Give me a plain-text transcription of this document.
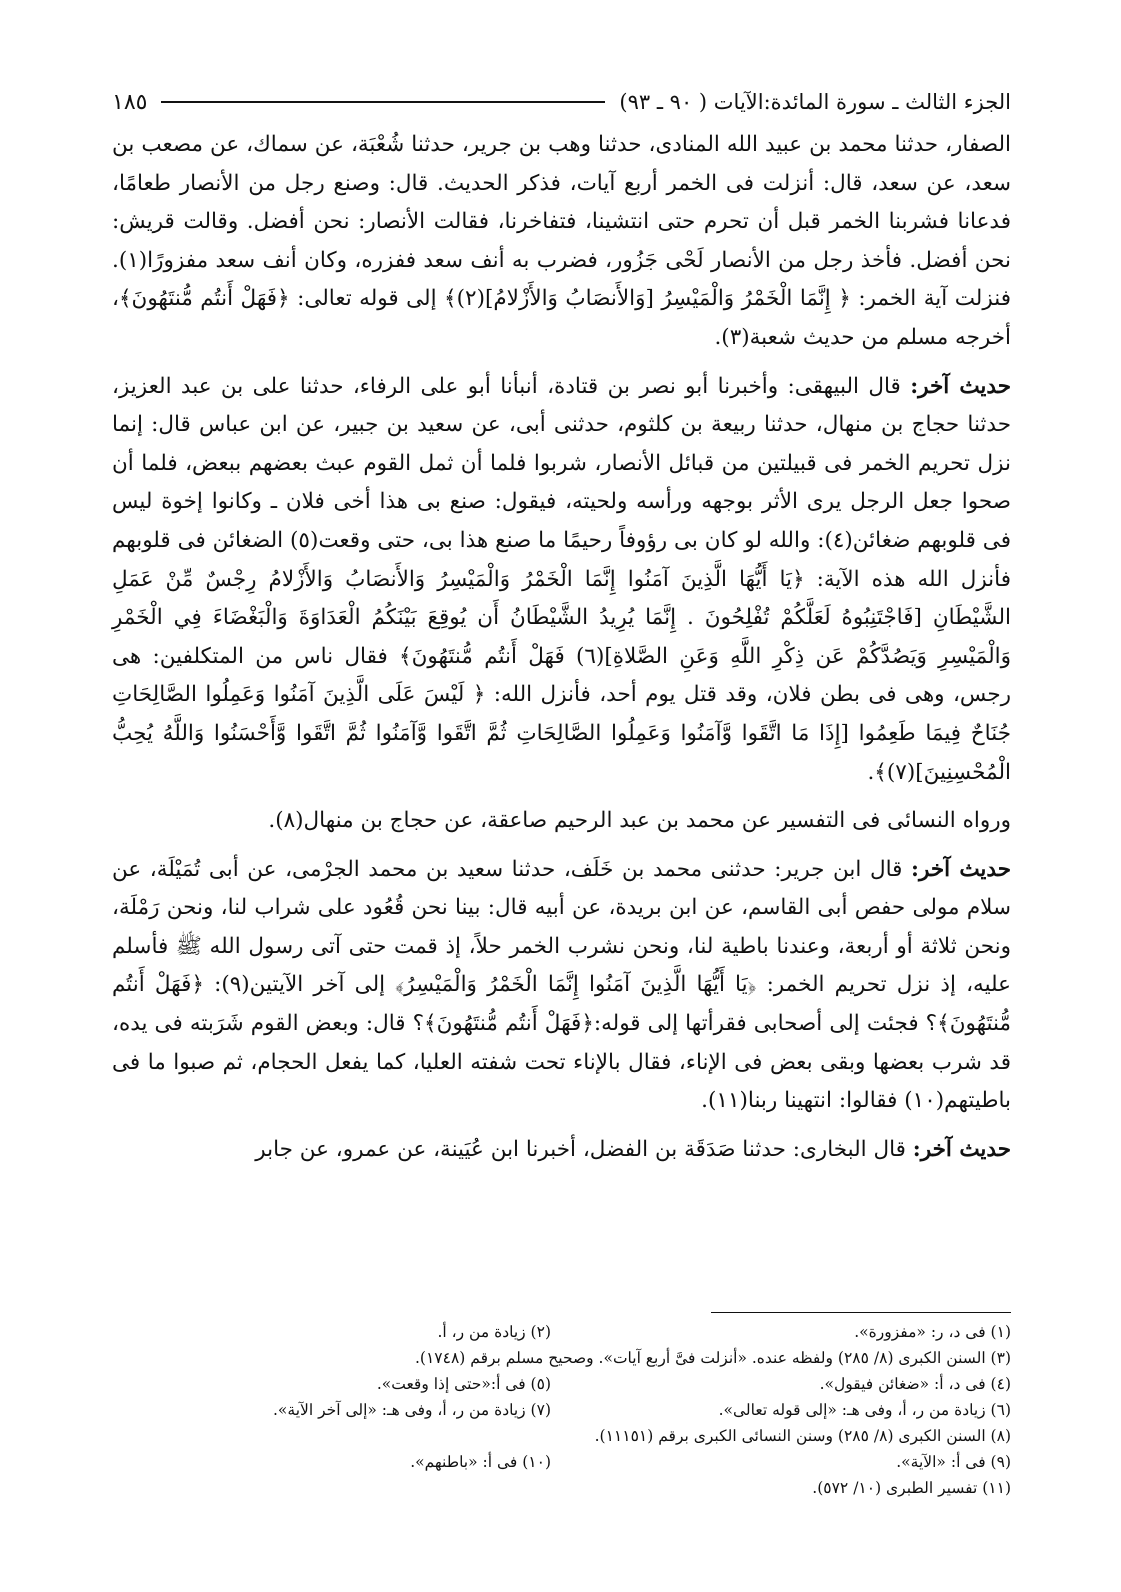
الجزء الثالث ـ سورة المائدة:الآيات ( ٩٠ ـ ٩٣)
١٨٥

الصفار، حدثنا محمد بن عبيد الله المنادى، حدثنا وهب بن جرير، حدثنا شُعْبَة، عن سماك، عن مصعب بن سعد، عن سعد، قال: أنزلت فى الخمر أربع آيات، فذكر الحديث. قال: وصنع رجل من الأنصار طعامًا، فدعانا فشربنا الخمر قبل أن تحرم حتى انتشينا، فتفاخرنا، فقالت الأنصار: نحن أفضل. وقالت قريش: نحن أفضل. فأخذ رجل من الأنصار لَحْى جَزُور، فضرب به أنف سعد ففزره، وكان أنف سعد مفزورًا(١). فنزلت آية الخمر: ﴿ إِنَّمَا الْخَمْرُ وَالْمَيْسِرُ [وَالأَنصَابُ وَالأَزْلامُ](٢)﴾ إلى قوله تعالى: ﴿فَهَلْ أَنتُم مُّنتَهُونَ﴾، أخرجه مسلم من حديث شعبة(٣).

حديث آخر: قال البيهقى: وأخبرنا أبو نصر بن قتادة، أنبأنا أبو على الرفاء، حدثنا على بن عبد العزيز، حدثنا حجاج بن منهال، حدثنا ربيعة بن كلثوم، حدثنى أبى، عن سعيد بن جبير، عن ابن عباس قال: إنما نزل تحريم الخمر فى قبيلتين من قبائل الأنصار، شربوا فلما أن ثمل القوم عبث بعضهم ببعض، فلما أن صحوا جعل الرجل يرى الأثر بوجهه ورأسه ولحيته، فيقول: صنع بى هذا أخى فلان ـ وكانوا إخوة ليس فى قلوبهم ضغائن(٤): والله لو كان بى رؤوفاً رحيمًا ما صنع هذا بى، حتى وقعت(٥) الضغائن فى قلوبهم فأنزل الله هذه الآية: ﴿يَا أَيُّهَا الَّذِينَ آمَنُوا إِنَّمَا الْخَمْرُ وَالْمَيْسِرُ وَالأَنصَابُ وَالأَزْلامُ رِجْسٌ مِّنْ عَمَلِ الشَّيْطَانِ [فَاجْتَنِبُوهُ لَعَلَّكُمْ تُفْلِحُونَ . إِنَّمَا يُرِيدُ الشَّيْطَانُ أَن يُوقِعَ بَيْنَكُمُ الْعَدَاوَةَ وَالْبَغْضَاءَ فِي الْخَمْرِ وَالْمَيْسِرِ وَيَصُدَّكُمْ عَن ذِكْرِ اللَّهِ وَعَنِ الصَّلاةِ](٦) فَهَلْ أَنتُم مُّنتَهُونَ﴾ فقال ناس من المتكلفين: هى رجس، وهى فى بطن فلان، وقد قتل يوم أحد، فأنزل الله: ﴿ لَيْسَ عَلَى الَّذِينَ آمَنُوا وَعَمِلُوا الصَّالِحَاتِ جُنَاحٌ فِيمَا طَعِمُوا [إِذَا مَا اتَّقَوا وَّآمَنُوا وَعَمِلُوا الصَّالِحَاتِ ثُمَّ اتَّقَوا وَّآمَنُوا ثُمَّ اتَّقَوا وَّأَحْسَنُوا وَاللَّهُ يُحِبُّ الْمُحْسِنِينَ](٧)﴾.

ورواه النسائى فى التفسير عن محمد بن عبد الرحيم صاعقة، عن حجاج بن منهال(٨).

حديث آخر: قال ابن جرير: حدثنى محمد بن خَلَف، حدثنا سعيد بن محمد الجرْمى، عن أبى تُمَيْلَة، عن سلام مولى حفص أبى القاسم، عن ابن بريدة، عن أبيه قال: بينا نحن قُعُود على شراب لنا، ونحن رَمْلَة، ونحن ثلاثة أو أربعة، وعندنا باطية لنا، ونحن نشرب الخمر حلاً، إذ قمت حتى آتى رسول الله ﷺ فأسلم عليه، إذ نزل تحريم الخمر: ﴿يَا أَيُّهَا الَّذِينَ آمَنُوا إِنَّمَا الْخَمْرُ وَالْمَيْسِرُ﴾ إلى آخر الآيتين(٩): ﴿فَهَلْ أَنتُم مُّنتَهُونَ﴾؟ فجئت إلى أصحابى فقرأتها إلى قوله:﴿فَهَلْ أَنتُم مُّنتَهُونَ﴾؟ قال: وبعض القوم شَرَبته فى يده، قد شرب بعضها وبقى بعض فى الإناء، فقال بالإناء تحت شفته العليا، كما يفعل الحجام، ثم صبوا ما فى باطيتهم(١٠) فقالوا: انتهينا ربنا(١١).

حديث آخر: قال البخارى: حدثنا صَدَقَة بن الفضل، أخبرنا ابن عُيَينة، عن عمرو، عن جابر

(١) فى د، ر: «مفزورة».
(٢) زيادة من ر، أ.
(٣) السنن الكبرى (٨/ ٢٨٥) ولفظه عنده. «أنزلت فىَّ أربع آيات». وصحيح مسلم برقم (١٧٤٨).
(٤) فى د، أ: «ضغائن فيقول».
(٥) فى أ:«حتى إذا وقعت».
(٦) زيادة من ر، أ، وفى هـ: «إلى قوله تعالى».
(٧) زيادة من ر، أ، وفى هـ: «إلى آخر الآية».
(٨) السنن الكبرى (٨/ ٢٨٥) وسنن النسائى الكبرى برقم (١١١٥١).
(٩) فى أ: «الآية».
(١٠) فى أ: «باطنهم».
(١١) تفسير الطبرى (١٠/ ٥٧٢).
